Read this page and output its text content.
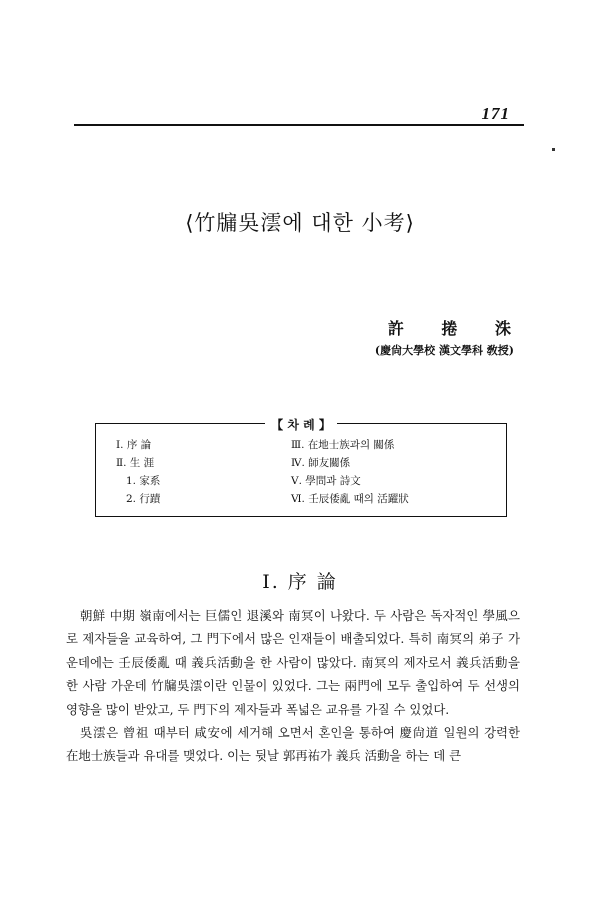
171
⟨竹牖吳澐에 대한 小考⟩
許 捲 洙
(慶尙大學校 漢文學科 敎授)
【 차 례 】
Ⅰ. 序 論
Ⅱ. 生 涯
1. 家系
2. 行蹟
Ⅲ. 在地士族과의 關係
Ⅳ. 師友關係
Ⅴ. 學問과 詩文
Ⅵ. 壬辰倭亂 때의 活躍狀
Ⅰ. 序 論

朝鮮 中期 嶺南에서는 巨儒인 退溪와 南冥이 나왔다. 두 사람은 독자적인 學風으로 제자들을 교육하여, 그 門下에서 많은 인재들이 배출되었다. 특히 南冥의 弟子 가운데에는 壬辰倭亂 때 義兵活動을 한 사람이 많았다. 南冥의 제자로서 義兵活動을 한 사람 가운데 竹牖吳澐이란 인물이 있었다. 그는 兩門에 모두 출입하여 두 선생의 영향을 많이 받았고, 두 門下의 제자들과 폭넓은 교유를 가질 수 있었다.

吳澐은 曾祖 때부터 咸安에 세거해 오면서 혼인을 통하여 慶尙道 일원의 강력한 在地士族들과 유대를 맺었다. 이는 뒷날 郭再祐가 義兵 活動을 하는 데 큰
